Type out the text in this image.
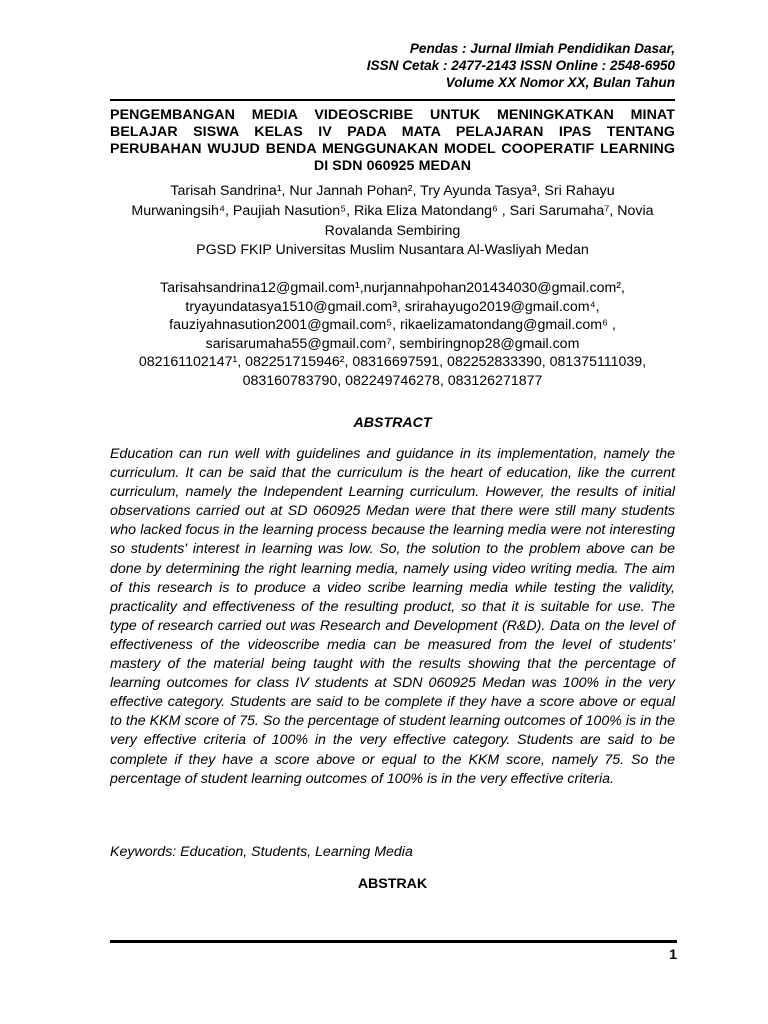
Pendas : Jurnal Ilmiah Pendidikan Dasar,
ISSN Cetak : 2477-2143 ISSN Online : 2548-6950
Volume XX Nomor XX, Bulan Tahun
PENGEMBANGAN MEDIA VIDEOSCRIBE UNTUK MENINGKATKAN MINAT BELAJAR SISWA KELAS IV PADA MATA PELAJARAN IPAS TENTANG PERUBAHAN WUJUD BENDA MENGGUNAKAN MODEL COOPERATIF LEARNING DI SDN 060925 MEDAN
Tarisah Sandrina¹, Nur Jannah Pohan², Try Ayunda Tasya³, Sri Rahayu
Murwaningsih⁴, Paujiah Nasution⁵, Rika Eliza Matondang⁶ , Sari Sarumaha⁷, Novia
Rovalanda Sembiring
PGSD FKIP Universitas Muslim Nusantara Al-Wasliyah Medan
Tarisahsandrina12@gmail.com¹,nurjannahpohan201434030@gmail.com²,
tryayundatasya1510@gmail.com³, srirahayugo2019@gmail.com⁴,
fauziyahnasution2001@gmail.com⁵, rikaelizamatondang@gmail.com⁶ ,
sarisarumaha55@gmail.com⁷, sembiringnop28@gmail.com
082161102147¹, 082251715946², 08316697591, 082252833390, 081375111039,
083160783790, 082249746278, 083126271877
ABSTRACT

Education can run well with guidelines and guidance in its implementation, namely the curriculum. It can be said that the curriculum is the heart of education, like the current curriculum, namely the Independent Learning curriculum. However, the results of initial observations carried out at SD 060925 Medan were that there were still many students who lacked focus in the learning process because the learning media were not interesting so students' interest in learning was low. So, the solution to the problem above can be done by determining the right learning media, namely using video writing media. The aim of this research is to produce a video scribe learning media while testing the validity, practicality and effectiveness of the resulting product, so that it is suitable for use. The type of research carried out was Research and Development (R&D). Data on the level of effectiveness of the videoscribe media can be measured from the level of students' mastery of the material being taught with the results showing that the percentage of learning outcomes for class IV students at SDN 060925 Medan was 100% in the very effective category. Students are said to be complete if they have a score above or equal to the KKM score of 75. So the percentage of student learning outcomes of 100% is in the very effective criteria of 100% in the very effective category. Students are said to be complete if they have a score above or equal to the KKM score, namely 75. So the percentage of student learning outcomes of 100% is in the very effective criteria.

Keywords: Education, Students, Learning Media
ABSTRAK
1
